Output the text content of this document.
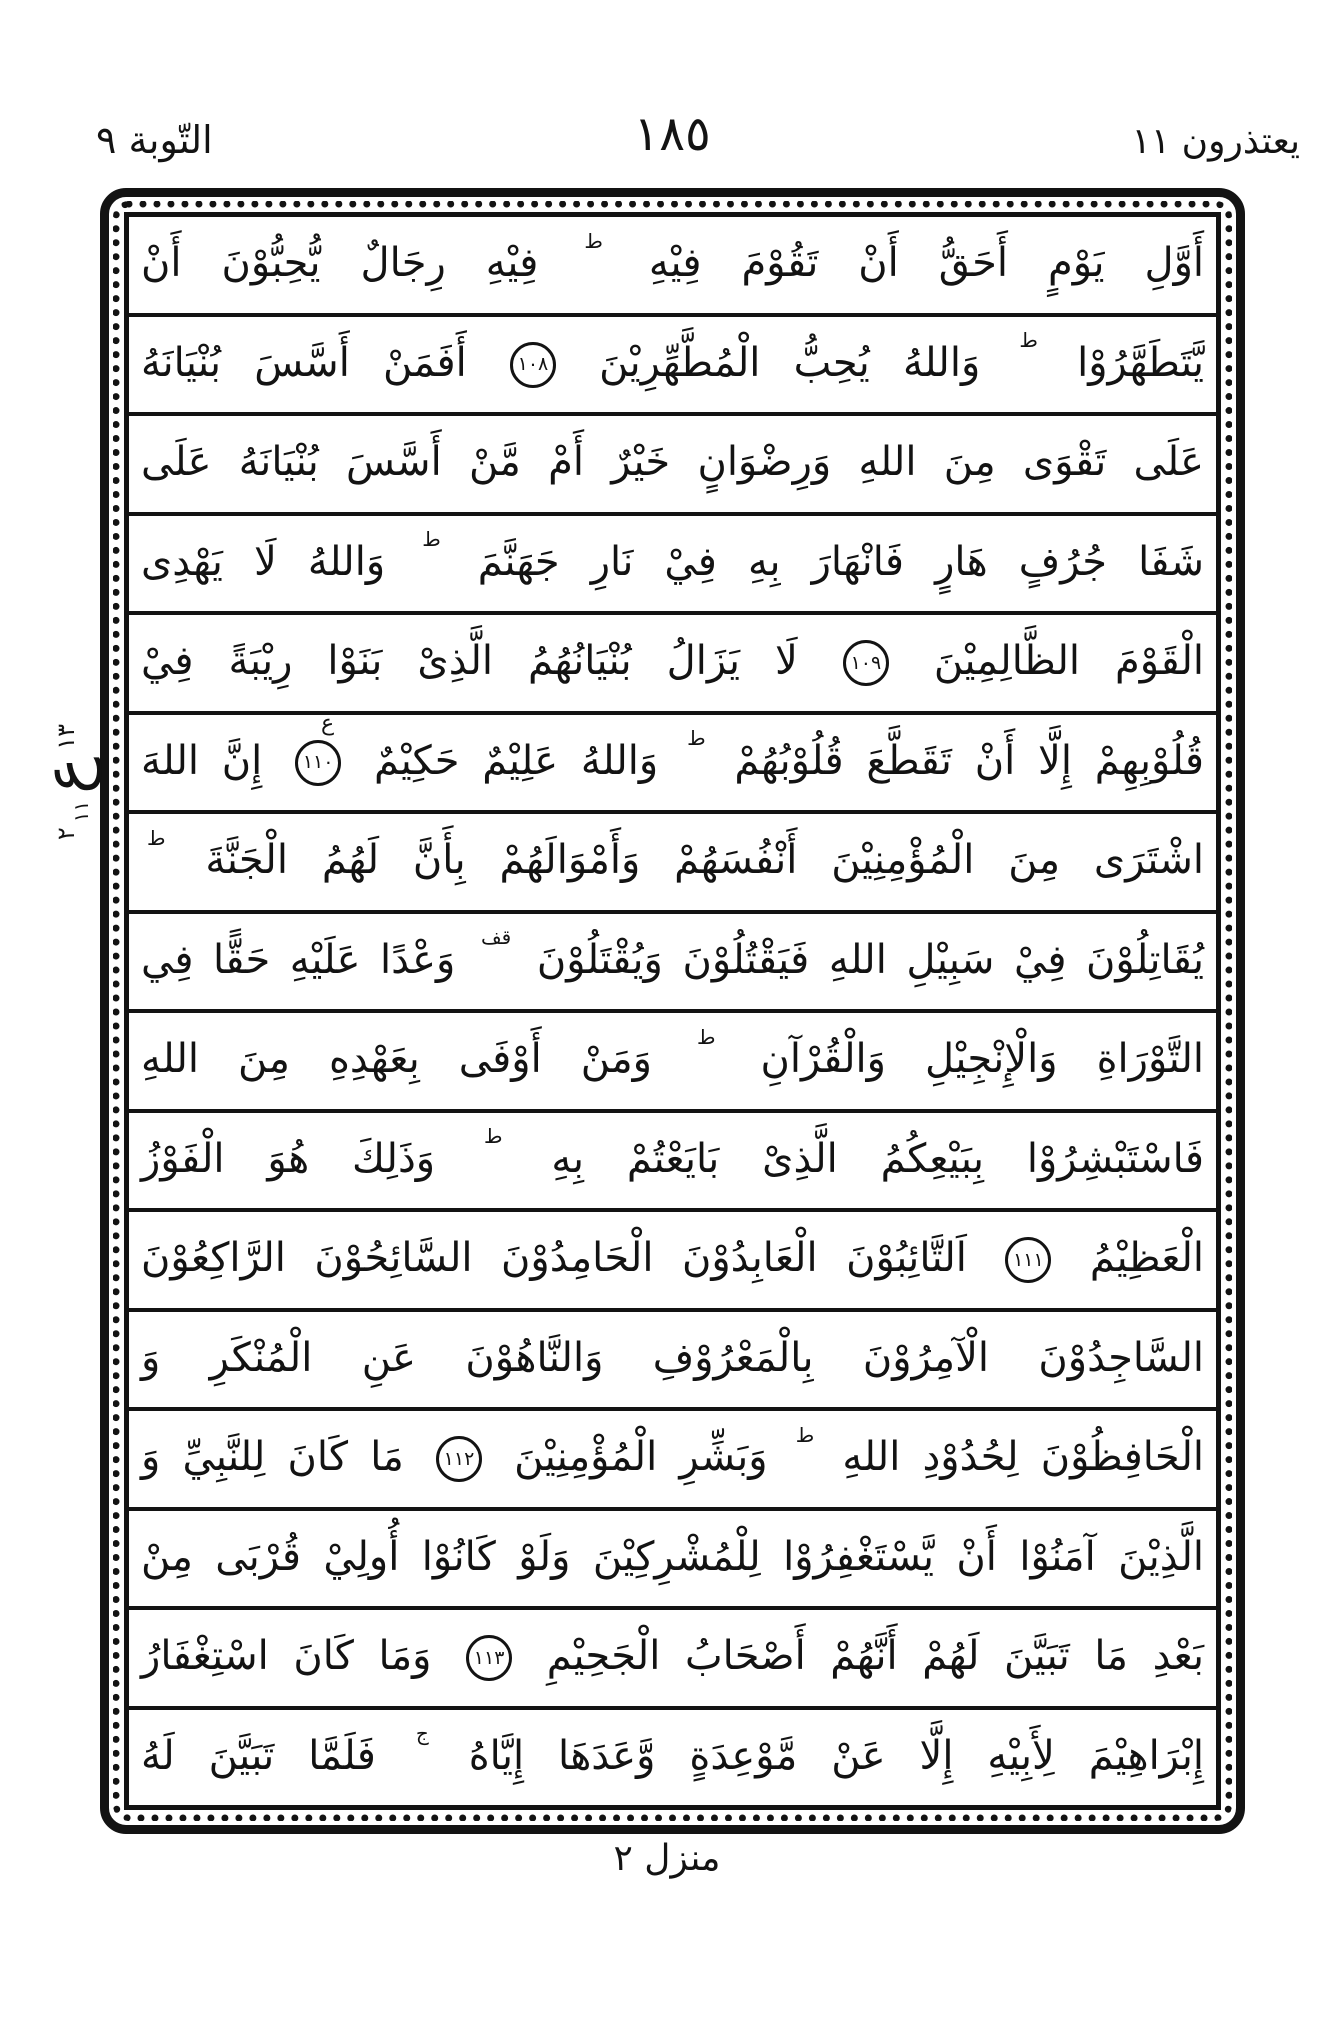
التّوبة ٩	١٨٥	يعتذرون ١١
أَوَّلِ يَوْمٍ أَحَقُّ أَنْ تَقُوْمَ فِيْهِ $^ط$ فِيْهِ رِجَالٌ يُّحِبُّوْنَ أَنْ
يَّتَطَهَّرُوْا $^ط$ وَاللهُ يُحِبُّ الْمُطَّهِّرِيْنَ ١٠٨ أَفَمَنْ أَسَّسَ بُنْيَانَهُ
عَلَى تَقْوَى مِنَ اللهِ وَرِضْوَانٍ خَيْرٌ أَمْ مَّنْ أَسَّسَ بُنْيَانَهُ عَلَى
شَفَا جُرُفٍ هَارٍ فَانْهَارَ بِهِ فِيْ نَارِ جَهَنَّمَ $^ط$ وَاللهُ لَا يَهْدِى
الْقَوْمَ الظَّالِمِيْنَ ١٠٩ لَا يَزَالُ بُنْيَانُهُمُ الَّذِىْ بَنَوْا رِيْبَةً فِيْ
قُلُوْبِهِمْ إِلَّا أَنْ تَقَطَّعَ قُلُوْبُهُمْ $^ط$ وَاللهُ عَلِيْمٌ حَكِيْمٌ ١١٠
ع
إِنَّ اللهَ
اشْتَرَى مِنَ الْمُؤْمِنِيْنَ أَنْفُسَهُمْ وَأَمْوَالَهُمْ بِأَنَّ لَهُمُ الْجَنَّةَ $^ط$
يُقَاتِلُوْنَ فِيْ سَبِيْلِ اللهِ فَيَقْتُلُوْنَ وَيُقْتَلُوْنَ $^{قف}$ وَعْدًا عَلَيْهِ حَقًّا فِي
التَّوْرَاةِ وَالْإِنْجِيْلِ وَالْقُرْآنِ $^ط$ وَمَنْ أَوْفَى بِعَهْدِهِ مِنَ اللهِ
فَاسْتَبْشِرُوْا بِبَيْعِكُمُ الَّذِىْ بَايَعْتُمْ بِهِ $^ط$ وَذَلِكَ هُوَ الْفَوْزُ
الْعَظِيْمُ ١١١ اَلتَّائِبُوْنَ الْعَابِدُوْنَ الْحَامِدُوْنَ السَّائِحُوْنَ الرَّاكِعُوْنَ
السَّاجِدُوْنَ الْآمِرُوْنَ بِالْمَعْرُوْفِ وَالنَّاهُوْنَ عَنِ الْمُنْكَرِ وَ
الْحَافِظُوْنَ لِحُدُوْدِ اللهِ $^ط$ وَبَشِّرِ الْمُؤْمِنِيْنَ ١١٢ مَا كَانَ لِلنَّبِيِّ وَ
الَّذِيْنَ آمَنُوْا أَنْ يَّسْتَغْفِرُوْا لِلْمُشْرِكِيْنَ وَلَوْ كَانُوْا أُولِيْ قُرْبَى مِنْ
بَعْدِ مَا تَبَيَّنَ لَهُمْ أَنَّهُمْ أَصْحَابُ الْجَحِيْمِ ١١٣ وَمَا كَانَ اسْتِغْفَارُ
إِبْرَاهِيْمَ لِأَبِيْهِ إِلَّا عَنْ مَّوْعِدَةٍ وَّعَدَهَا إِيَّاهُ $^ج$ فَلَمَّا تَبَيَّنَ لَهُ
١٣
ع
١١
٢
منزل ٢
